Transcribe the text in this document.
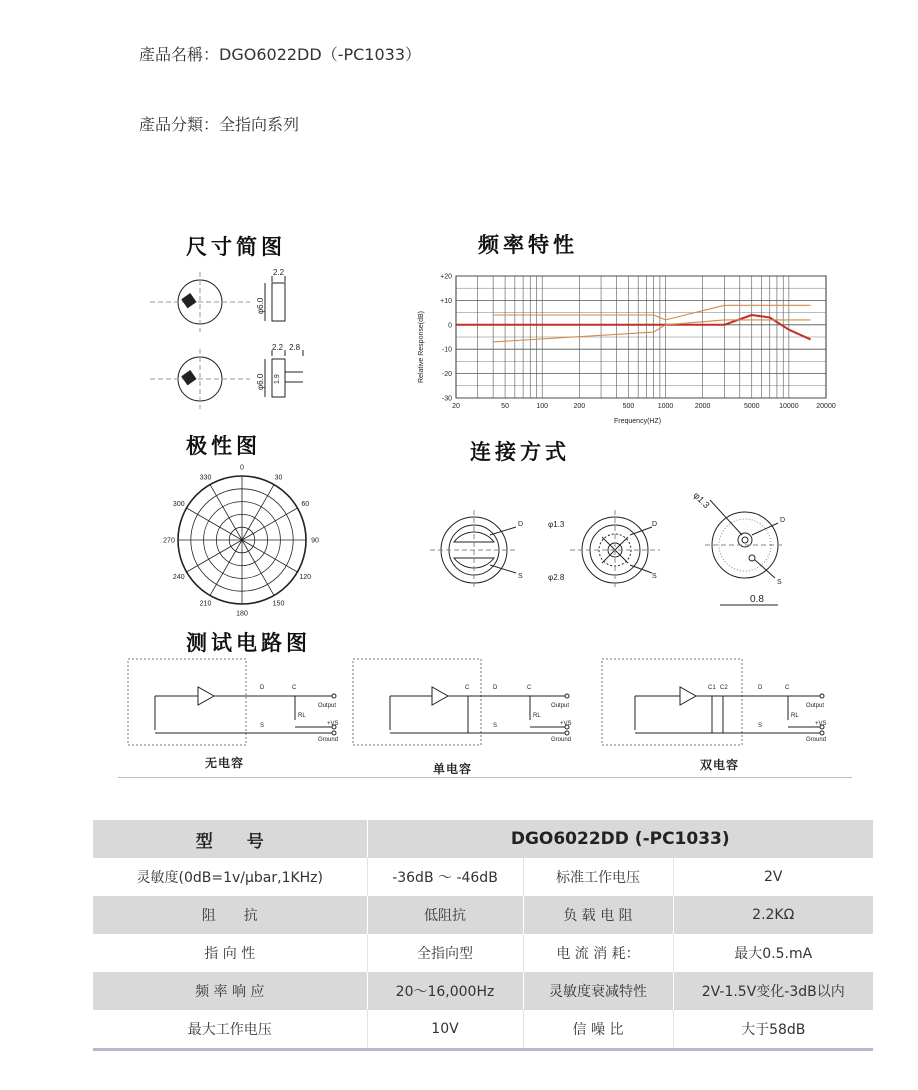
產品名稱：DGO6022DD（-PC1033）
產品分類：全指向系列
尺寸简图	频率特性
极性图	连接方式
测试电路图
2.2
2.2 2.8
φ6.0
φ6.0 1.9
20	50	100	200	500	1000	2000	5000	10000	20000
+20
+10
0
-10
-20
-30
Relative Response(dB)
Frequency(HZ)
0
30
60
90
120
150
180
210
240
270
300
330
D
S
φ1.3
φ2.8
D
S
φ1.3
D
S
0.8
D	C
S
RL
Output
+VS
Ground
C	D	C
S
RL
Output
+VS
Ground
C1 C2	D	C
S
RL
Output
+VS
Ground
无电容	单电容	双电容
型　　号	DGO6022DD (-PC1033)		
灵敏度(0dB=1v/μbar,1KHz)	-36dB ～ -46dB	标准工作电压	2V
阻　　抗	低阻抗	负 载 电 阻	2.2KΩ
指 向 性	全指向型	电 流 消 耗：	最大0.5.mA
频 率 响 应	20～16,000Hz	灵敏度衰减特性	2V-1.5V变化-3dB以内
最大工作电压	10V	信 噪 比	大于58dB
